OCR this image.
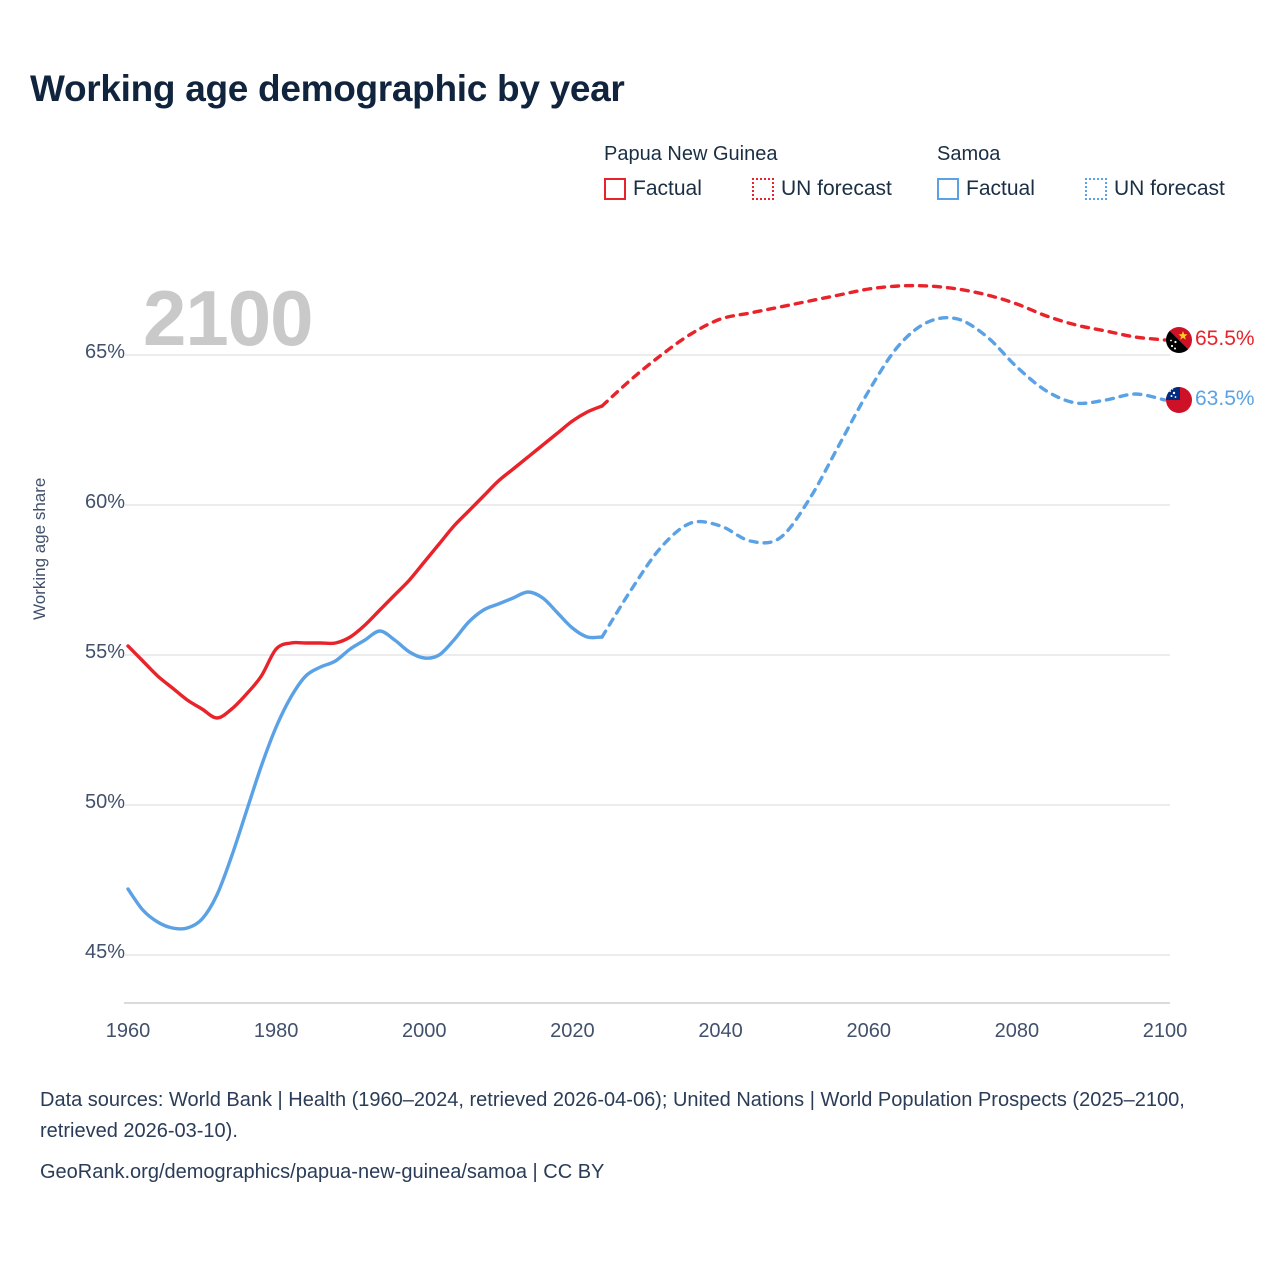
Working age demographic by year
Papua New Guinea	Samoa
Factual	UN forecast	Factual	UN forecast
2100
Working age share
45%
50%
55%
60%
65%
1960	1980	2000	2020	2040	2060	2080	2100
65.5%
63.5%
Data sources: World Bank | Health (1960–2024, retrieved 2026-04-06); United Nations | World Population Prospects (2025–2100, retrieved 2026-03-10).
GeoRank.org/demographics/papua-new-guinea/samoa | CC BY
